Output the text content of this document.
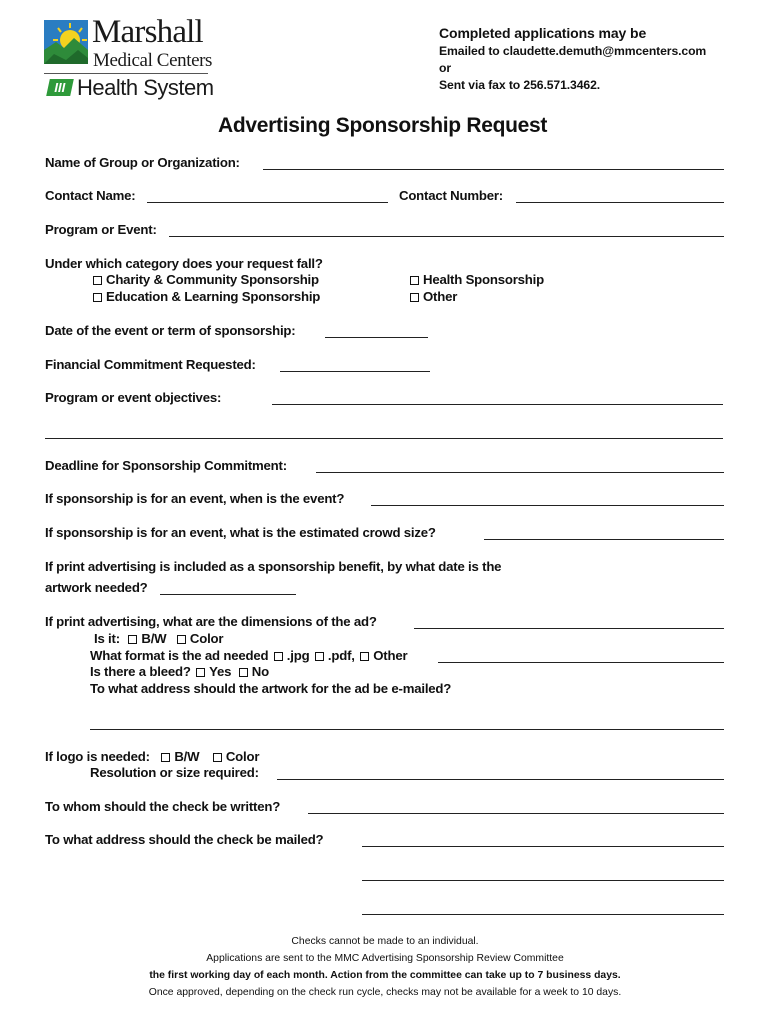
Marshall
Medical Centers
III Health System
Completed applications may be
Emailed to claudette.demuth@mmcenters.com
or
Sent via fax to 256.571.3462.
Advertising Sponsorship Request
Name of Group or Organization:
Contact Name:	Contact Number:
Program or Event:
Under which category does your request fall?
Charity & Community Sponsorship
Education & Learning Sponsorship
Health Sponsorship
Other
Date of the event or term of sponsorship:
Financial Commitment Requested:
Program or event objectives:
Deadline for Sponsorship Commitment:
If sponsorship is for an event, when is the event?
If sponsorship is for an event, what is the estimated crowd size?
If print advertising is included as a sponsorship benefit, by what date is the
artwork needed?
If print advertising, what are the dimensions of the ad?
Is it: B/W Color
What format is the ad needed .jpg .pdf, Other
Is there a bleed? Yes No
To what address should the artwork for the ad be e-mailed?
If logo is needed: B/W Color
Resolution or size required:
To whom should the check be written?
To what address should the check be mailed?
Checks cannot be made to an individual.
Applications are sent to the MMC Advertising Sponsorship Review Committee
the first working day of each month. Action from the committee can take up to 7 business days.
Once approved, depending on the check run cycle, checks may not be available for a week to 10 days.
